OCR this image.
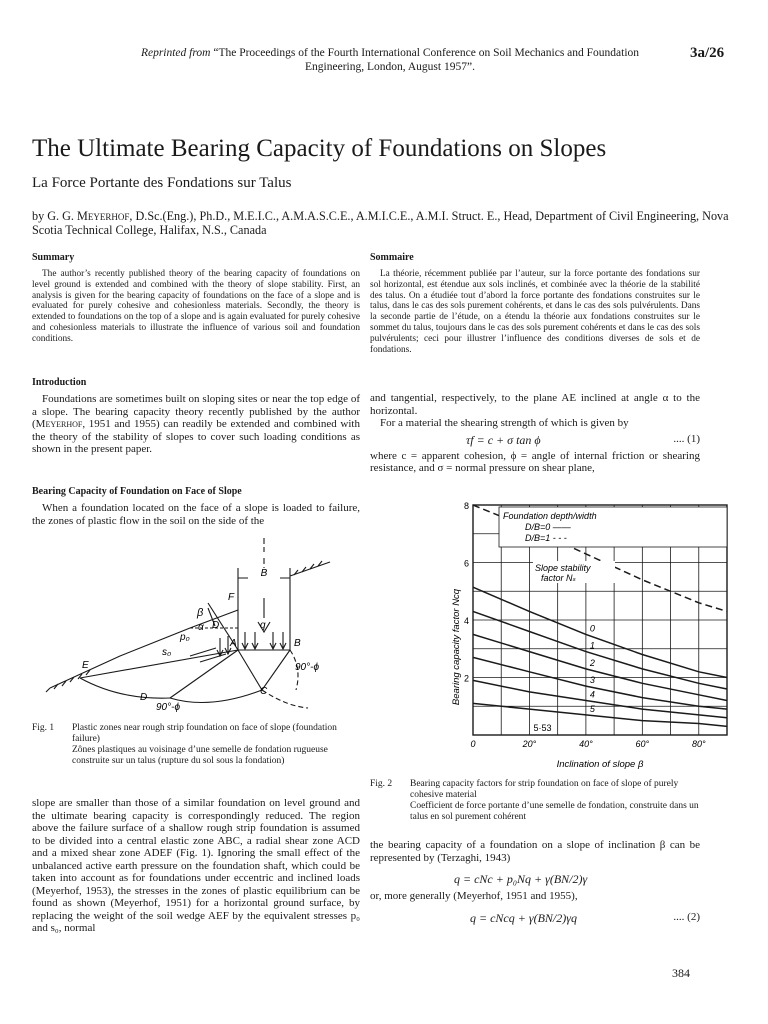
Reprinted from “The Proceedings of the Fourth International Conference on Soil Mechanics and Foundation Engineering, London, August 1957”.
3a/26
The Ultimate Bearing Capacity of Foundations on Slopes
La Force Portante des Fondations sur Talus
by G. G. Meyerhof, D.Sc.(Eng.), Ph.D., M.E.I.C., A.M.A.S.C.E., A.M.I.C.E., A.M.I. Struct. E., Head, Department of Civil Engineering, Nova Scotia Technical College, Halifax, N.S., Canada
Summary
The author’s recently published theory of the bearing capacity of foundations on level ground is extended and combined with the theory of slope stability. First, an analysis is given for the bearing capacity of foundations on the face of a slope and is evaluated for purely cohesive and cohesionless materials. Secondly, the theory is extended to foundations on the top of a slope and is again evaluated for purely cohesive and cohesionless materials to illustrate the influence of various soil and foundation conditions.
Sommaire
La théorie, récemment publiée par l’auteur, sur la force portante des fondations sur sol horizontal, est étendue aux sols inclinés, et combinée avec la théorie de la stabilité des talus. On a étudiée tout d’abord la force portante des fondations construites sur le talus, dans le cas des sols purement cohérents, et dans le cas des sols pulvérulents. Dans la seconde partie de l’étude, on a étendu la théorie aux fondations construites sur le sommet du talus, toujours dans le cas des sols purement cohérents et dans le cas des sols pulvérulents; ceci pour illustrer l’influence des conditions diverses de sols et de fondations.
Introduction
Foundations are sometimes built on sloping sites or near the top edge of a slope. The bearing capacity theory recently published by the author (Meyerhof, 1951 and 1955) can readily be extended and combined with the theory of the stability of slopes to cover such loading conditions as shown in the present paper.
Bearing Capacity of Foundation on Face of Slope
When a foundation located on the face of a slope is loaded to failure, the zones of plastic flow in the soil on the side of the
B
F
β
α D	q
p₀
s₀
A	B
E	90°-ϕ
C
D
90°-ϕ
Fig. 1	Plastic zones near rough strip foundation on face of slope (foundation failure)
Zônes plastiques au voisinage d’une semelle de fondation rugueuse construite sur un talus (rupture du sol sous la fondation)
slope are smaller than those of a similar foundation on level ground and the ultimate bearing capacity is correspondingly reduced. The region above the failure surface of a shallow rough strip foundation is assumed to be divided into a central elastic zone ABC, a radial shear zone ACD and a mixed shear zone ADEF (Fig. 1). Ignoring the small effect of the unbalanced active earth pressure on the foundation shaft, which could be taken into account as for foundations under eccentric and inclined loads (Meyerhof, 1953), the stresses in the zones of plastic equilibrium can be found as shown (Meyerhof, 1951) for a horizontal ground surface, by replacing the weight of the soil wedge AEF by the equivalent stresses p₀ and s₀, normal
and tangential, respectively, to the plane AE inclined at angle α to the horizontal.
For a material the shearing strength of which is given by
τf = c + σ tan ϕ	.... (1)
where c = apparent cohesion, ϕ = angle of internal friction or shearing resistance, and σ = normal pressure on shear plane,
0
1
2
3
4
5
5·53
0	20°	40°	60°	80°
2
4
6
8
Foundation depth/width
D/B=0 ——
D/B=1 - - -
Slope stability
factor Nₛ
Bearing capacity factor Ncq
Inclination of slope β
Fig. 2	Bearing capacity factors for strip foundation on face of slope of purely cohesive material
Coefficient de force portante d’une semelle de fondation, construite dans un talus en sol purement cohérent
the bearing capacity of a foundation on a slope of inclination β can be represented by (Terzaghi, 1943)
q = cNc + p₀Nq + γ(BN/2)γ
or, more generally (Meyerhof, 1951 and 1955),
q = cNcq + γ(BN/2)γq	.... (2)
384
